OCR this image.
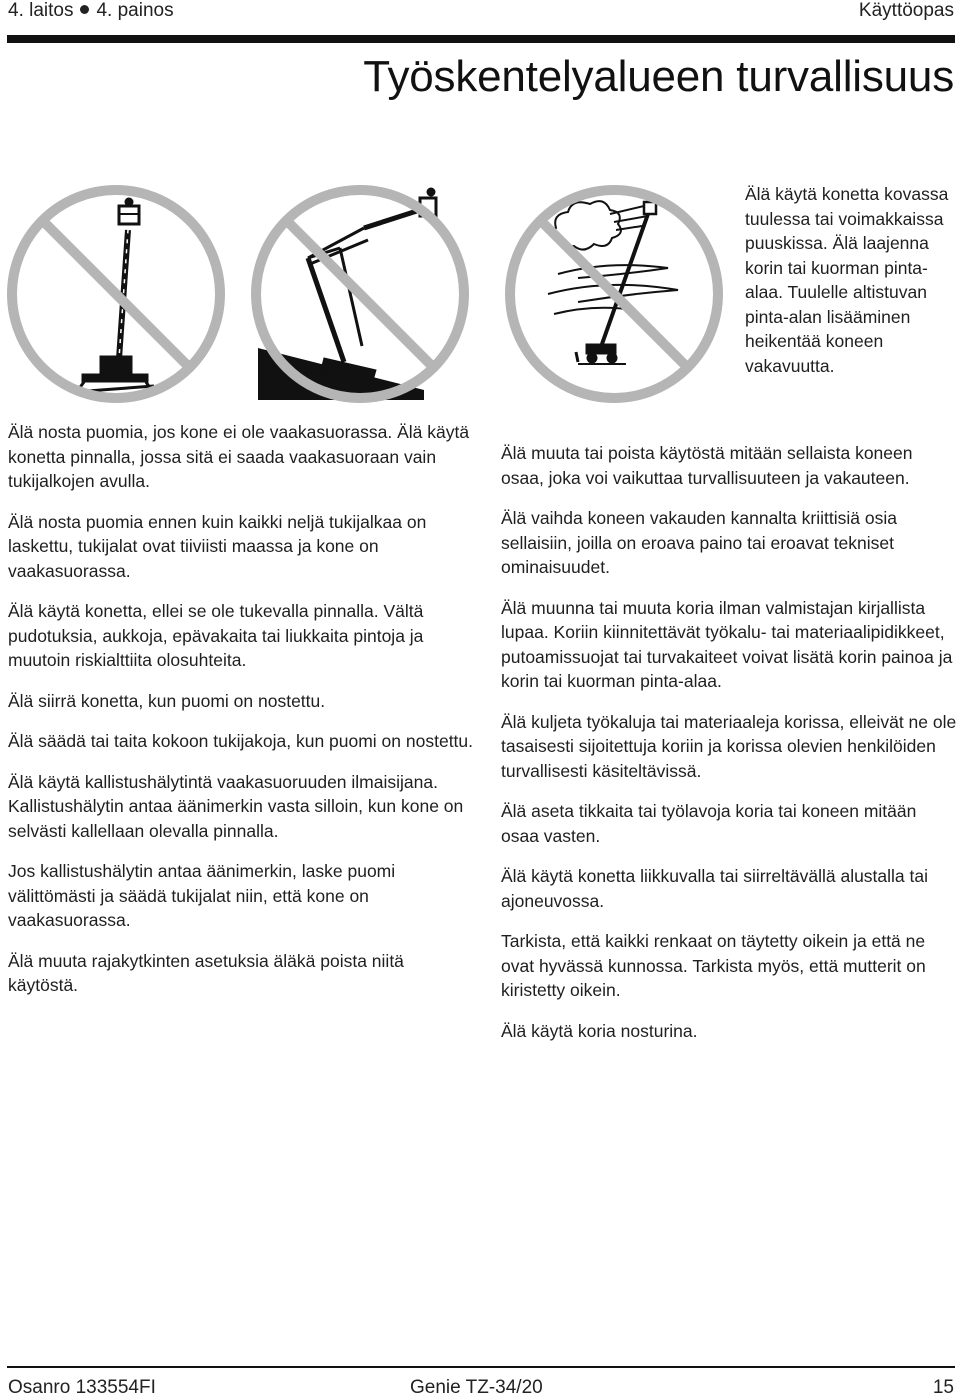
4. laitos 4. painos	Käyttöopas
Työskentelyalueen turvallisuus
Älä käytä konetta kovassa tuulessa tai voimakkaissa puuskissa. Älä laajenna korin tai kuorman pinta-alaa. Tuulelle altistuvan pinta-alan lisääminen heikentää koneen vakavuutta.

Älä nosta puomia, jos kone ei ole vaakasuorassa. Älä käytä konetta pinnalla, jossa sitä ei saada vaakasuoraan vain tukijalkojen avulla.

Älä nosta puomia ennen kuin kaikki neljä tukijalkaa on laskettu, tukijalat ovat tiiviisti maassa ja kone on vaakasuorassa.

Älä käytä konetta, ellei se ole tukevalla pinnalla. Vältä pudotuksia, aukkoja, epävakaita tai liukkaita pintoja ja muutoin riskialttiita olosuhteita.

Älä siirrä konetta, kun puomi on nostettu.

Älä säädä tai taita kokoon tukijakoja, kun puomi on nostettu.

Älä käytä kallistushälytintä vaakasuoruuden ilmaisijana. Kallistushälytin antaa äänimerkin vasta silloin, kun kone on selvästi kallellaan olevalla pinnalla.

Jos kallistushälytin antaa äänimerkin, laske puomi välittömästi ja säädä tukijalat niin, että kone on vaakasuorassa.

Älä muuta rajakytkinten asetuksia äläkä poista niitä käytöstä.

Älä muuta tai poista käytöstä mitään sellaista koneen osaa, joka voi vaikuttaa turvallisuuteen ja vakauteen.

Älä vaihda koneen vakauden kannalta kriittisiä osia sellaisiin, joilla on eroava paino tai eroavat tekniset ominaisuudet.

Älä muunna tai muuta koria ilman valmistajan kirjallista lupaa. Koriin kiinnitettävät työkalu- tai materiaalipidikkeet, putoamissuojat tai turvakaiteet voivat lisätä korin painoa ja korin tai kuorman pinta-alaa.

Älä kuljeta työkaluja tai materiaaleja korissa, elleivät ne ole tasaisesti sijoitettuja koriin ja korissa olevien henkilöiden turvallisesti käsiteltävissä.

Älä aseta tikkaita tai työlavoja koria tai koneen mitään osaa vasten.

Älä käytä konetta liikkuvalla tai siirreltävällä alustalla tai ajoneuvossa.

Tarkista, että kaikki renkaat on täytetty oikein ja että ne ovat hyvässä kunnossa. Tarkista myös, että mutterit on kiristetty oikein.

Älä käytä koria nosturina.

Osanro 133554FI	Genie TZ-34/20	15
